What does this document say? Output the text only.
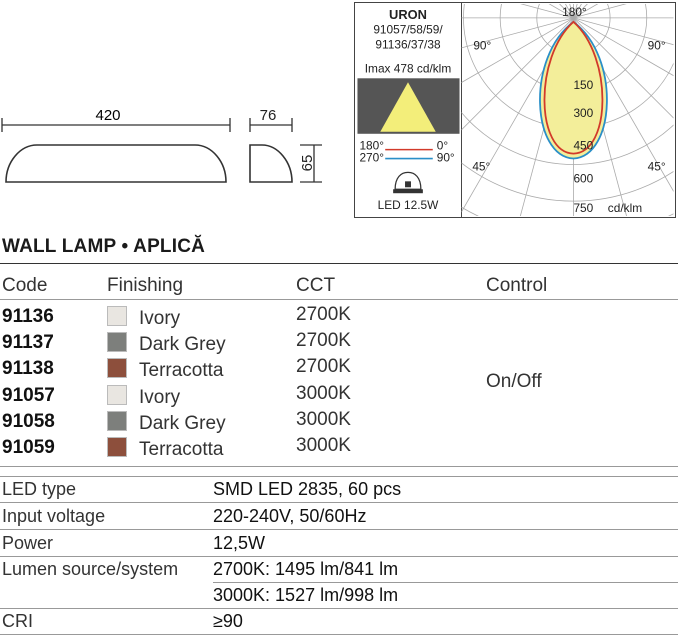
420	76
65
URON
91057/58/59/
91136/37/38
Imax 478 cd/klm
180°	0°
270°	90°
LED 12.5W
180°
90°	90°
45°	45°
150
300
450
600
750 cd/klm
WALL LAMP • APLICĂ
Code	Finishing	CCT	Control
91136	Ivory	2700K
91137	Dark Grey	2700K
91138	Terracotta	2700K
91057	Ivory	3000K
91058	Dark Grey	3000K
91059	Terracotta	3000K
On/Off
LED type	SMD LED 2835, 60 pcs
Input voltage	220-240V, 50/60Hz
Power	12,5W
Lumen source/system 2700K: 1495 lm/841 lm
3000K: 1527 lm/998 lm
CRI	≥90
